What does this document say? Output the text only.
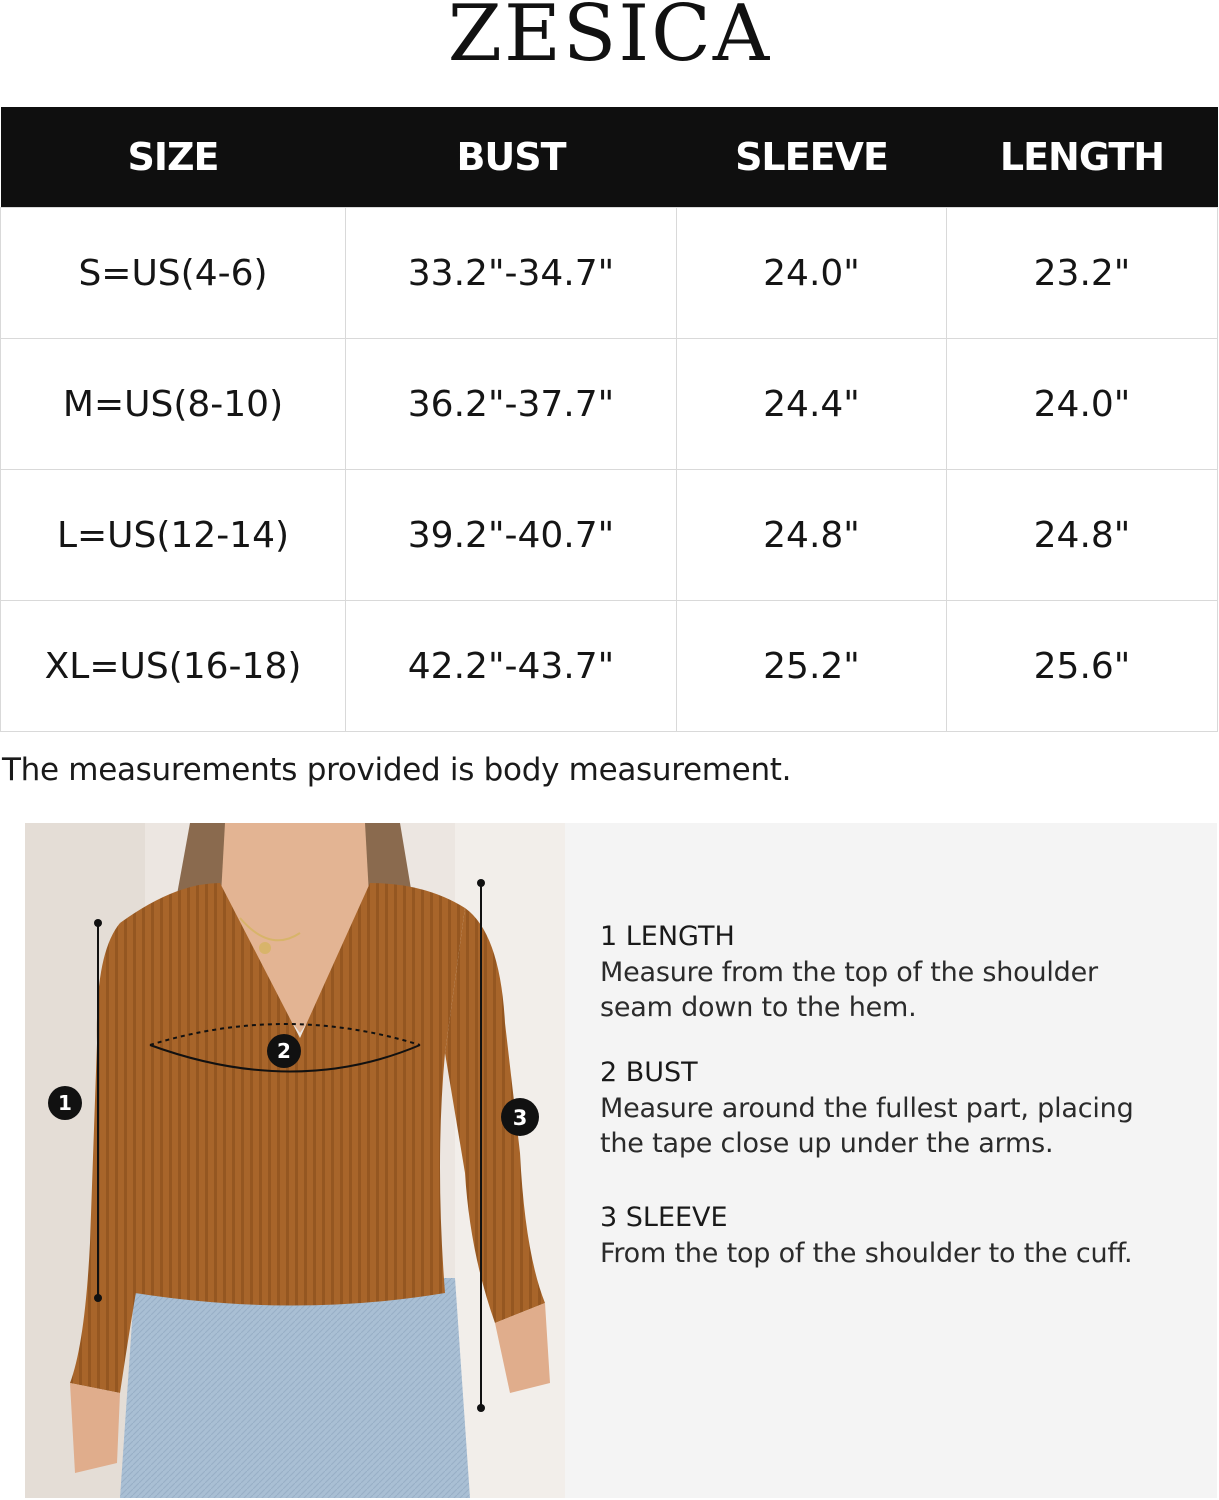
ZESICA
SIZE	BUST	SLEEVE	LENGTH
S=US(4-6)	33.2"-34.7"	24.0"	23.2"
M=US(8-10)	36.2"-37.7"	24.4"	24.0"
L=US(12-14)	39.2"-40.7"	24.8"	24.8"
XL=US(16-18)	42.2"-43.7"	25.2"	25.6"
The measurements provided is body measurement.
1
2
3
1 LENGTH
Measure from the top of the shoulder
seam down to the hem.
2 BUST
Measure around the fullest part, placing
the tape close up under the arms.
3 SLEEVE
From the top of the shoulder to the cuff.
